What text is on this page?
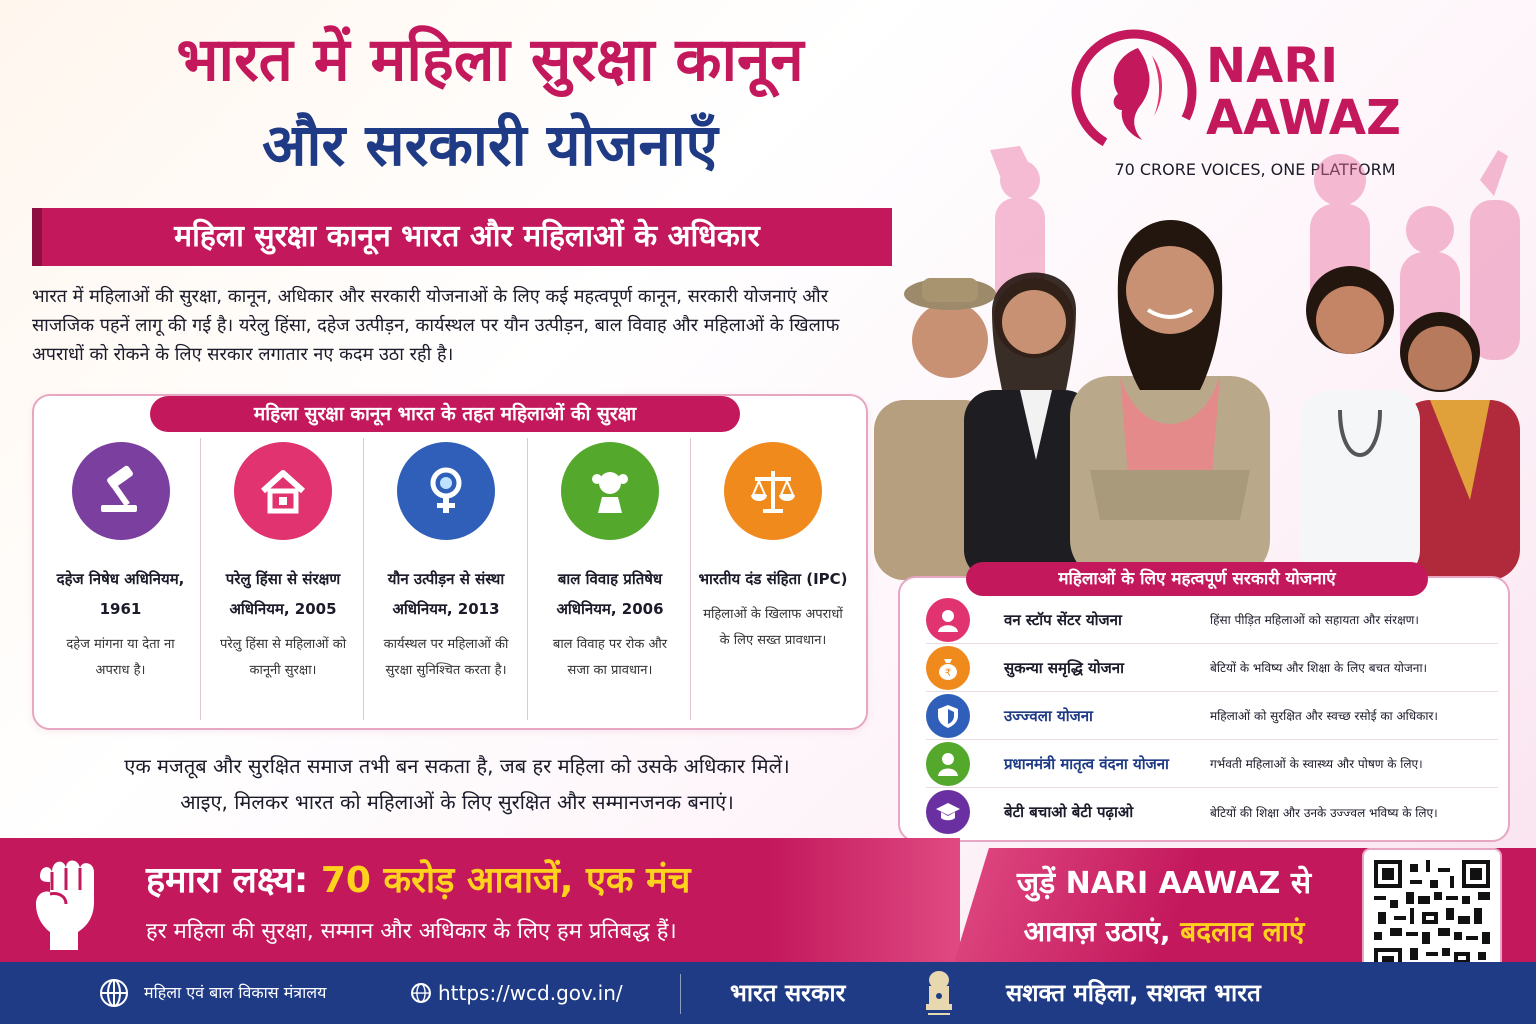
भारत में महिला सुरक्षा कानून
और सरकारी योजनाएँ
महिला सुरक्षा कानून भारत और महिलाओं के अधिकार
भारत में महिलाओं की सुरक्षा, कानून, अधिकार और सरकारी योजनाओं के लिए कई महत्वपूर्ण कानून, सरकारी योजनाएं और साजजिक पहनें लागू की गई है। यरेलु हिंसा, दहेज उत्पीड़न, कार्यस्थल पर यौन उत्पीड़न, बाल विवाह और महिलाओं के खिलाफ अपराधों को रोकने के लिए सरकार लगातार नए कदम उठा रही है।
NARI
AAWAZ
70 CRORE VOICES, ONE PLATFORM
महिला सुरक्षा कानून भारत के तहत महिलाओं की सुरक्षा
दहेज निषेध अधिनियम, 1961
दहेज मांगना या देता ना अपराध है।
परेलु हिंसा से संरक्षण अधिनियम, 2005
परेलु हिंसा से महिलाओं को कानूनी सुरक्षा।
यौन उत्पीड़न से संस्था अधिनियम, 2013
कार्यस्थल पर महिलाओं की सुरक्षा सुनिश्चित करता है।
बाल विवाह प्रतिषेध अधिनियम, 2006
बाल विवाह पर रोक और सजा का प्रावधान।
भारतीय दंड संहिता (IPC)
महिलाओं के खिलाफ अपराधों के लिए सख्त प्रावधान।
एक मजतूब और सुरक्षित समाज तभी बन सकता है, जब हर महिला को उसके अधिकार मिलें।
आइए, मिलकर भारत को महिलाओं के लिए सुरक्षित और सम्मानजनक बनाएं।
महिलाओं के लिए महत्वपूर्ण सरकारी योजनाएं
वन स्टॉप सेंटर योजना	हिंसा पीड़ित महिलाओं को सहायता और संरक्षण।
₹	सुकन्या समृद्धि योजना	बेटियों के भविष्य और शिक्षा के लिए बचत योजना।
उज्ज्वला योजना	महिलाओं को सुरक्षित और स्वच्छ रसोई का अधिकार।
प्रधानमंत्री मातृत्व वंदना योजना	गर्भवती महिलाओं के स्वास्थ्य और पोषण के लिए।
बेटी बचाओ बेटी पढ़ाओ	बेटियों की शिक्षा और उनके उज्ज्वल भविष्य के लिए।
हमारा लक्ष्य: 70 करोड़ आवाजें, एक मंच
हर महिला की सुरक्षा, सम्मान और अधिकार के लिए हम प्रतिबद्ध हैं।
जुड़ें NARI AAWAZ से
आवाज़ उठाएं, बदलाव लाएं
महिला एवं बाल विकास मंत्रालय	https://wcd.gov.in/	भारत सरकार	सशक्त महिला, सशक्त भारत
